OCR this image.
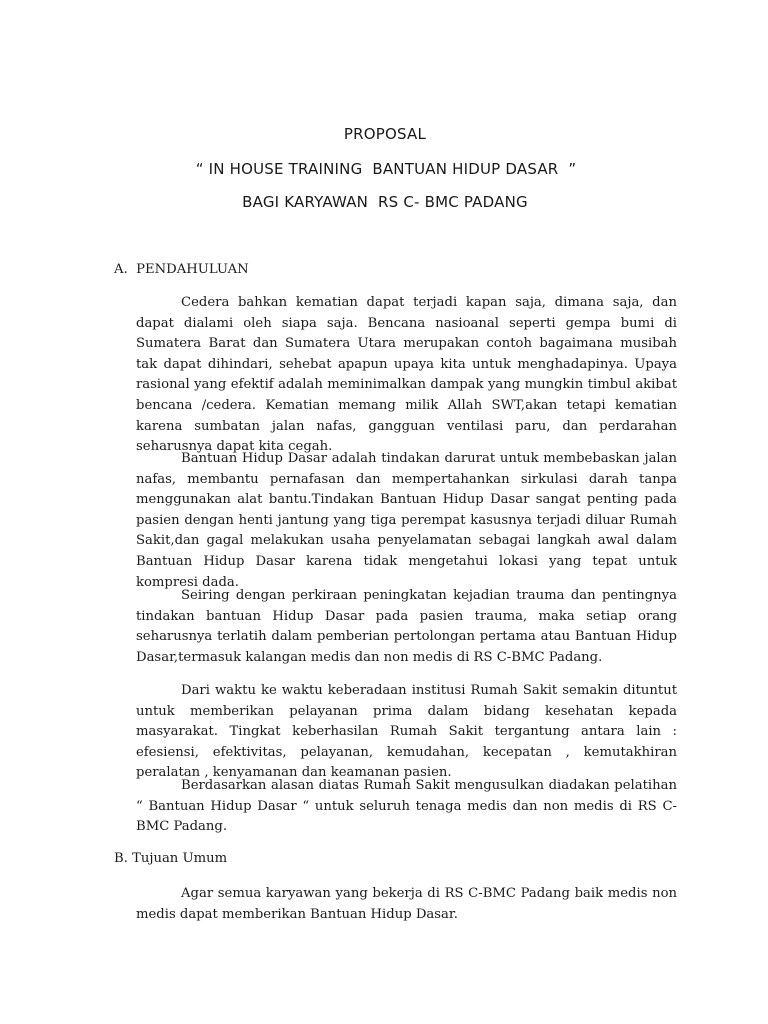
PROPOSAL
“ IN HOUSE TRAINING  BANTUAN HIDUP DASAR  ”
BAGI KARYAWAN  RS C- BMC PADANG
A.  PENDAHULUAN

Cedera bahkan kematian dapat terjadi kapan saja, dimana saja, dan dapat dialami oleh siapa saja. Bencana nasioanal seperti gempa bumi di Sumatera Barat dan Sumatera Utara merupakan contoh bagaimana musibah tak dapat dihindari, sehebat apapun upaya kita untuk menghadapinya. Upaya rasional yang efektif adalah meminimalkan dampak yang mungkin timbul akibat bencana /cedera. Kematian memang milik Allah SWT,akan tetapi kematian karena sumbatan jalan nafas, gangguan ventilasi paru, dan perdarahan seharusnya dapat kita cegah.

Bantuan Hidup Dasar adalah tindakan darurat untuk membebaskan jalan nafas, membantu pernafasan dan mempertahankan sirkulasi darah tanpa menggunakan alat bantu.Tindakan Bantuan Hidup Dasar sangat penting pada pasien dengan henti jantung yang tiga perempat kasusnya terjadi diluar Rumah Sakit,dan gagal melakukan usaha penyelamatan sebagai langkah awal dalam Bantuan Hidup Dasar karena tidak mengetahui lokasi yang tepat untuk kompresi dada.

Seiring dengan perkiraan peningkatan kejadian trauma dan pentingnya tindakan bantuan Hidup Dasar pada pasien trauma, maka setiap orang seharusnya terlatih dalam pemberian pertolongan pertama atau Bantuan Hidup Dasar,termasuk kalangan medis dan non medis di RS C-BMC Padang.

Dari waktu ke waktu keberadaan institusi Rumah Sakit semakin dituntut untuk memberikan pelayanan prima dalam bidang kesehatan kepada masyarakat. Tingkat keberhasilan Rumah Sakit tergantung antara lain : efesiensi, efektivitas, pelayanan, kemudahan, kecepatan , kemutakhiran peralatan , kenyamanan dan keamanan pasien.

Berdasarkan alasan diatas Rumah Sakit mengusulkan diadakan pelatihan “ Bantuan Hidup Dasar “ untuk seluruh tenaga medis dan non medis di RS C-BMC Padang.

B. Tujuan Umum

Agar semua karyawan yang bekerja di RS C-BMC Padang baik medis non medis dapat memberikan Bantuan Hidup Dasar.
